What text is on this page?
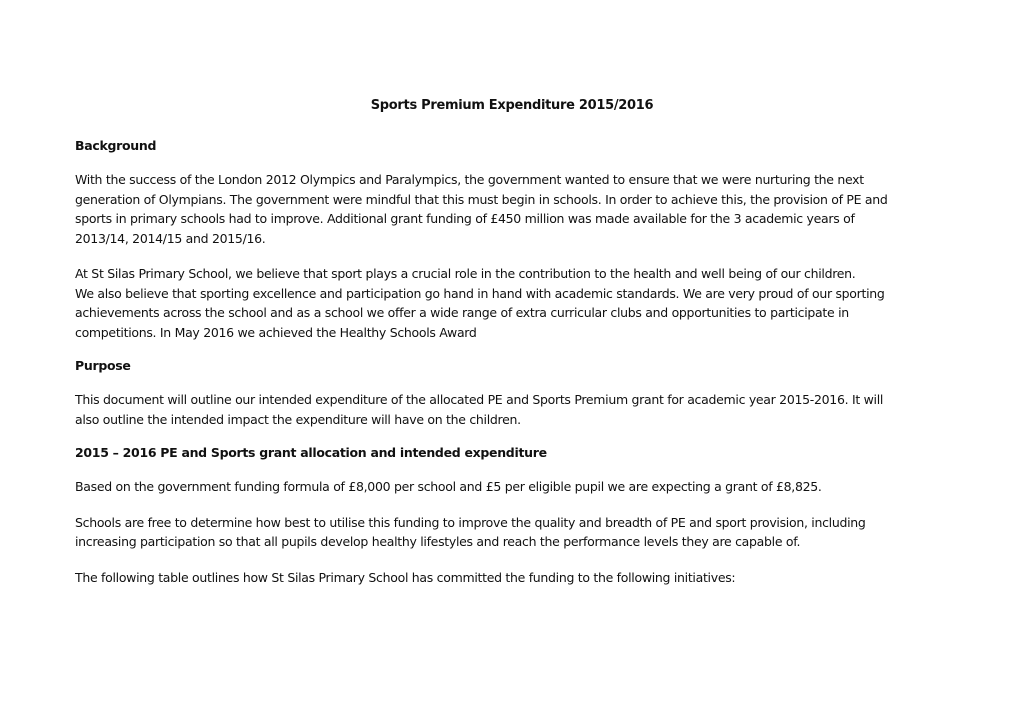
Sports Premium Expenditure 2015/2016
Background
With the success of the London 2012 Olympics and Paralympics, the government wanted to ensure that we were nurturing the next
generation of Olympians. The government were mindful that this must begin in schools. In order to achieve this, the provision of PE and
sports in primary schools had to improve. Additional grant funding of £450 million was made available for the 3 academic years of
2013/14, 2014/15 and 2015/16.
At St Silas Primary School, we believe that sport plays a crucial role in the contribution to the health and well being of our children.
We also believe that sporting excellence and participation go hand in hand with academic standards. We are very proud of our sporting
achievements across the school and as a school we offer a wide range of extra curricular clubs and opportunities to participate in
competitions. In May 2016 we achieved the Healthy Schools Award
Purpose
This document will outline our intended expenditure of the allocated PE and Sports Premium grant for academic year 2015-2016. It will
also outline the intended impact the expenditure will have on the children.
2015 – 2016 PE and Sports grant allocation and intended expenditure
Based on the government funding formula of £8,000 per school and £5 per eligible pupil we are expecting a grant of £8,825.
Schools are free to determine how best to utilise this funding to improve the quality and breadth of PE and sport provision, including
increasing participation so that all pupils develop healthy lifestyles and reach the performance levels they are capable of.
The following table outlines how St Silas Primary School has committed the funding to the following initiatives:
